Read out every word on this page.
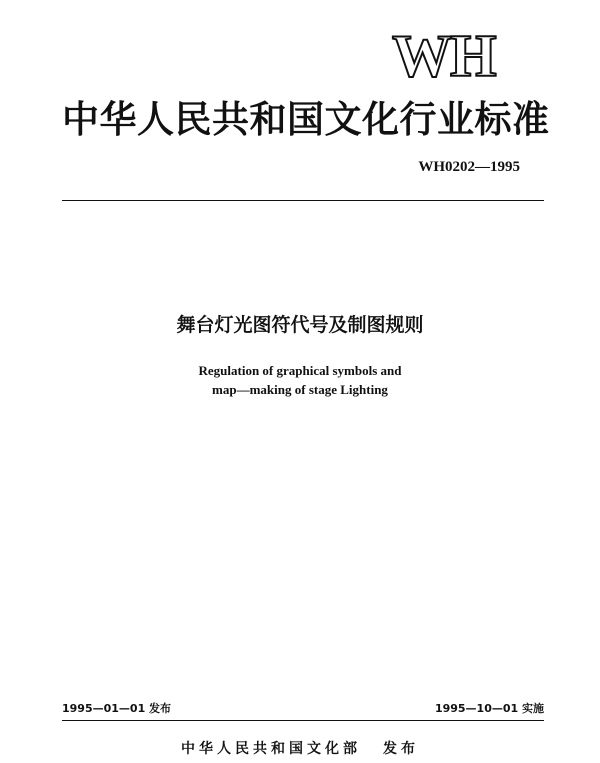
WH
中华人民共和国文化行业标准
WH0202—1995
舞台灯光图符代号及制图规则
Regulation of graphical symbols and
map—making of stage Lighting
1995—01—01 发布	1995—10—01 实施
中华人民共和国文化部 发布
